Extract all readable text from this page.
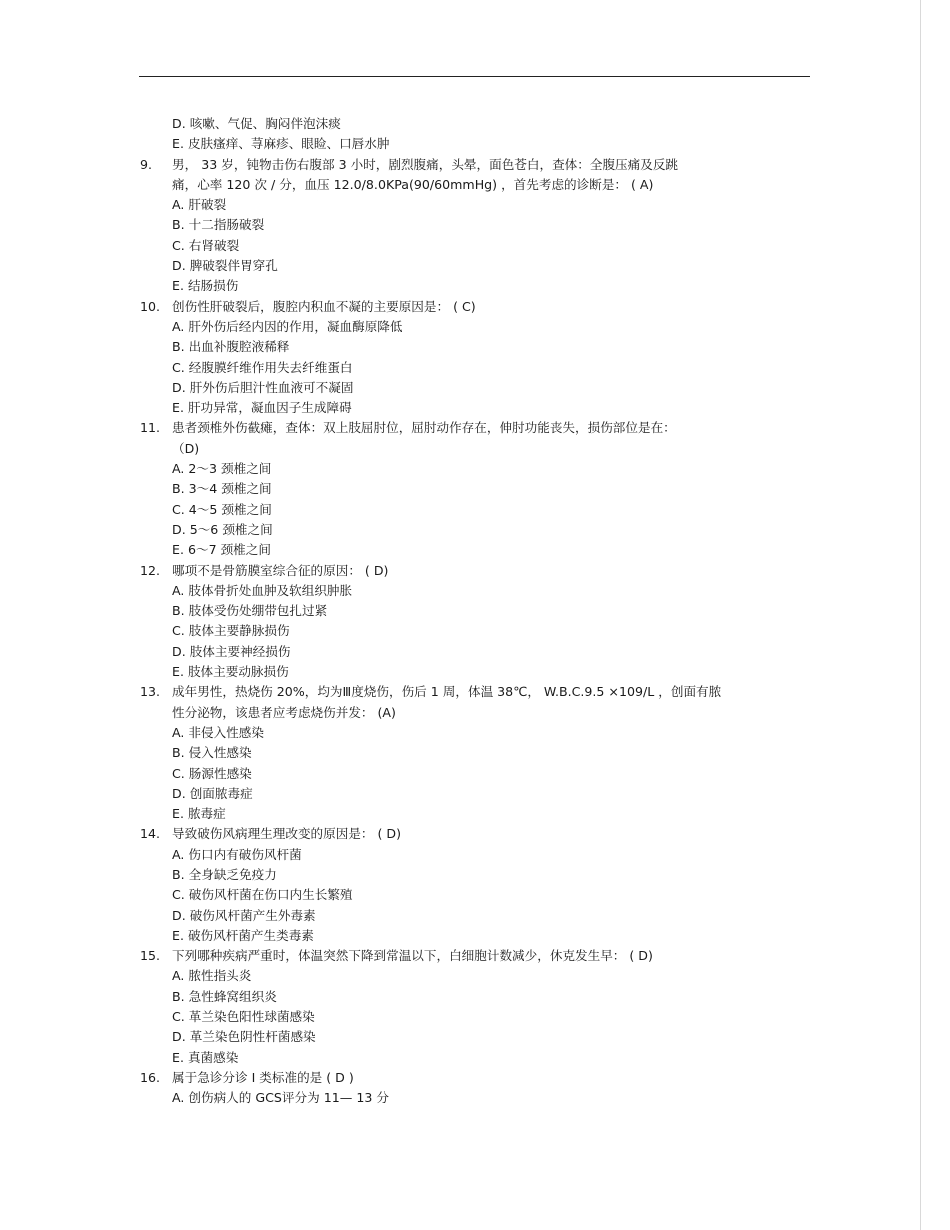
D. 咳嗽、气促、胸闷伴泡沫痰
E. 皮肤瘙痒、荨麻疹、眼睑、口唇水肿
9. 男， 33 岁，钝物击伤右腹部 3 小时，剧烈腹痛，头晕，面色苍白，查体：全腹压痛及反跳
痛，心率 120 次 / 分，血压 12.0/8.0KPa(90/60mmHg) ，首先考虑的诊断是： ( A)
A. 肝破裂
B. 十二指肠破裂
C. 右肾破裂
D. 脾破裂伴胃穿孔
E. 结肠损伤
10. 创伤性肝破裂后，腹腔内积血不凝的主要原因是： ( C)
A. 肝外伤后经内因的作用，凝血酶原降低
B. 出血补腹腔液稀释
C. 经腹膜纤维作用失去纤维蛋白
D. 肝外伤后胆汁性血液可不凝固
E. 肝功异常，凝血因子生成障碍
11. 患者颈椎外伤截瘫，查体：双上肢屈肘位，屈肘动作存在，伸肘功能丧失，损伤部位是在：
（D)
A. 2～3 颈椎之间
B. 3～4 颈椎之间
C. 4～5 颈椎之间
D. 5～6 颈椎之间
E. 6～7 颈椎之间
12. 哪项不是骨筋膜室综合征的原因： ( D)
A. 肢体骨折处血肿及软组织肿胀
B. 肢体受伤处绷带包扎过紧
C. 肢体主要静脉损伤
D. 肢体主要神经损伤
E. 肢体主要动脉损伤
13. 成年男性，热烧伤 20%，均为Ⅲ度烧伤，伤后 1 周，体温 38℃， W.B.C.9.5 ×109/L ，创面有脓
性分泌物，该患者应考虑烧伤并发： (A)
A. 非侵入性感染
B. 侵入性感染
C. 肠源性感染
D. 创面脓毒症
E. 脓毒症
14. 导致破伤风病理生理改变的原因是： ( D)
A. 伤口内有破伤风杆菌
B. 全身缺乏免疫力
C. 破伤风杆菌在伤口内生长繁殖
D. 破伤风杆菌产生外毒素
E. 破伤风杆菌产生类毒素
15. 下列哪种疾病严重时，体温突然下降到常温以下，白细胞计数减少，休克发生早： ( D)
A. 脓性指头炎
B. 急性蜂窝组织炎
C. 革兰染色阳性球菌感染
D. 革兰染色阴性杆菌感染
E. 真菌感染
16. 属于急诊分诊 Ⅰ 类标准的是 ( D )
A. 创伤病人的 GCS评分为 11— 13 分
